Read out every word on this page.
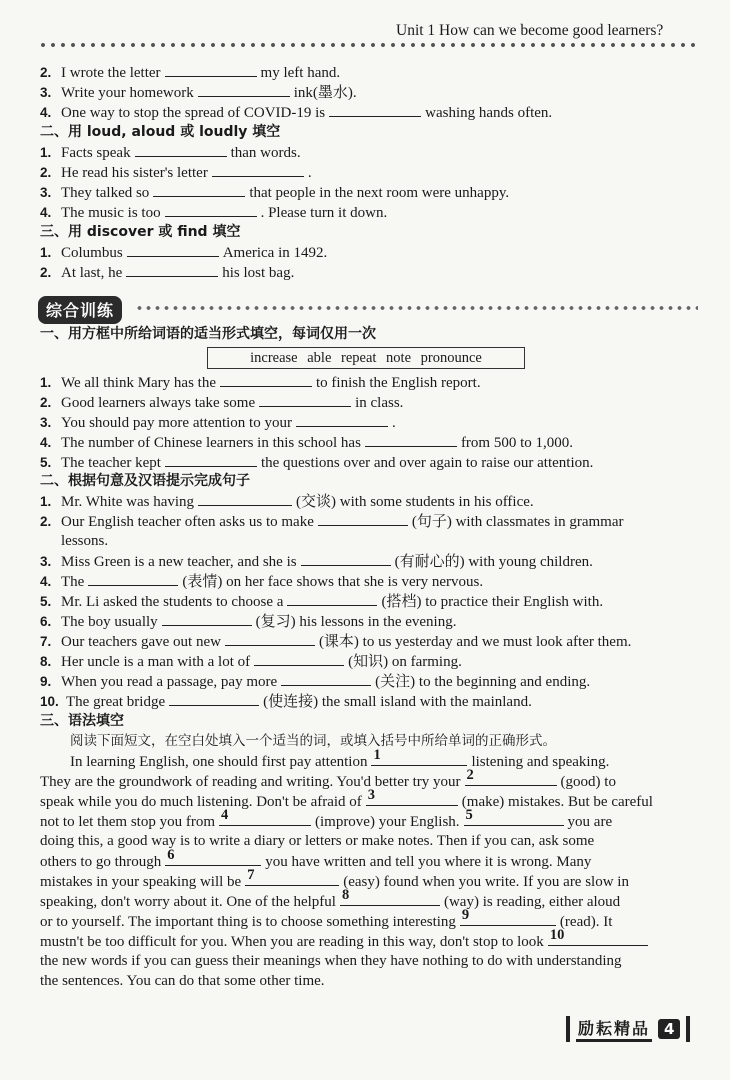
Unit 1 How can we become good learners?
2. I wrote the letter	my left hand.
3. Write your homework	ink(墨水).
4. One way to stop the spread of COVID-19 is	washing hands often.
二、用 loud, aloud 或 loudly 填空
1. Facts speak	than words.
2. He read his sister's letter	.
3. They talked so	that people in the next room were unhappy.
4. The music is too	. Please turn it down.
三、用 discover 或 find 填空
1. Columbus	America in 1492.
2. At last, he	his lost bag.
综合训练
一、用方框中所给词语的适当形式填空，每词仅用一次
increase able repeat note pronounce
1. We all think Mary has the	to finish the English report.
2. Good learners always take some	in class.
3. You should pay more attention to your	.
4. The number of Chinese learners in this school has	from 500 to 1,000.
5. The teacher kept	the questions over and over again to raise our attention.
二、根据句意及汉语提示完成句子
1. Mr. White was having	(交谈) with some students in his office.
2. Our English teacher often asks us to make	(句子) with classmates in grammar
lessons.
3. Miss Green is a new teacher, and she is	(有耐心的) with young children.
4. The	(表情) on her face shows that she is very nervous.
5. Mr. Li asked the students to choose a	(搭档) to practice their English with.
6. The boy usually	(复习) his lessons in the evening.
7. Our teachers gave out new	(课本) to us yesterday and we must look after them.
8. Her uncle is a man with a lot of	(知识) on farming.
9. When you read a passage, pay more	(关注) to the beginning and ending.
10. The great bridge	(使连接) the small island with the mainland.
三、语法填空
阅读下面短文，在空白处填入一个适当的词，或填入括号中所给单词的正确形式。
In learning English, one should first pay attention 1	listening and speaking.
They are the groundwork of reading and writing. You'd better try your 2	(good) to
speak while you do much listening. Don't be afraid of 3	(make) mistakes. But be careful
not to let them stop you from 4	(improve) your English. 5	you are
doing this, a good way is to write a diary or letters or make notes. Then if you can, ask some
others to go through 6	you have written and tell you where it is wrong. Many
mistakes in your speaking will be 7	(easy) found when you write. If you are slow in
speaking, don't worry about it. One of the helpful 8	(way) is reading, either aloud
or to yourself. The important thing is to choose something interesting 9	(read). It
mustn't be too difficult for you. When you are reading in this way, don't stop to look 10
the new words if you can guess their meanings when they have nothing to do with understanding
the sentences. You can do that some other time.
励耘精品 4
